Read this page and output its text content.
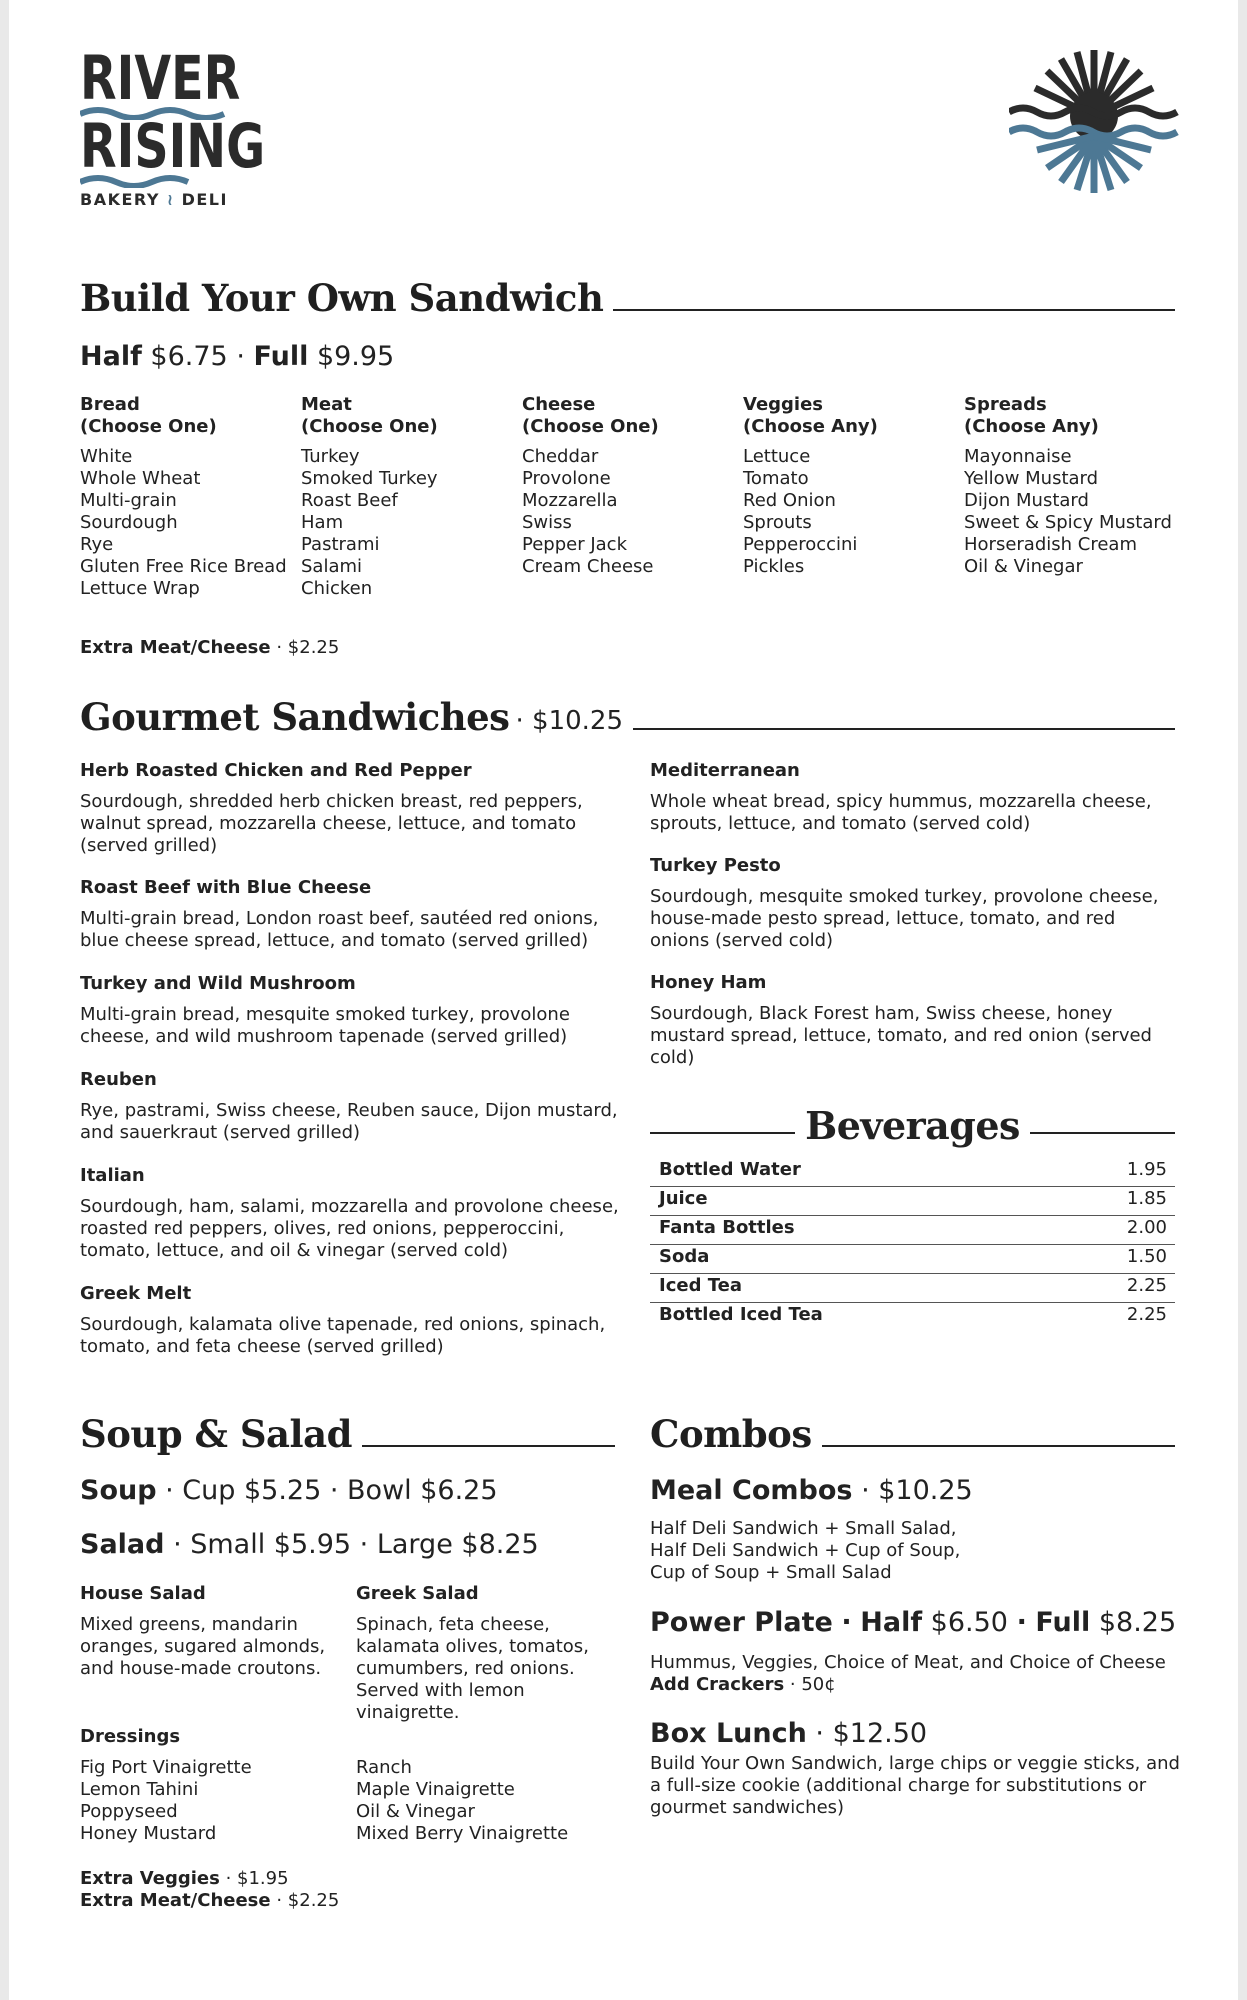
RIVER
RISING
BAKERY ≀ DELI
Build Your Own Sandwich
Half $6.75 · Full $9.95
Bread
(Choose One)
White
Whole Wheat
Multi-grain
Sourdough
Rye
Gluten Free Rice Bread
Lettuce Wrap
Meat
(Choose One)
Turkey
Smoked Turkey
Roast Beef
Ham
Pastrami
Salami
Chicken
Cheese
(Choose One)
Cheddar
Provolone
Mozzarella
Swiss
Pepper Jack
Cream Cheese
Veggies
(Choose Any)
Lettuce
Tomato
Red Onion
Sprouts
Pepperoccini
Pickles
Spreads
(Choose Any)
Mayonnaise
Yellow Mustard
Dijon Mustard
Sweet & Spicy Mustard
Horseradish Cream
Oil & Vinegar
Extra Meat/Cheese · $2.25
Gourmet Sandwiches · $10.25
Herb Roasted Chicken and Red Pepper
Sourdough, shredded herb chicken breast, red peppers, walnut spread, mozzarella cheese, lettuce, and tomato (served grilled)
Roast Beef with Blue Cheese
Multi-grain bread, London roast beef, sautéed red onions, blue cheese spread, lettuce, and tomato (served grilled)
Turkey and Wild Mushroom
Multi-grain bread, mesquite smoked turkey, provolone cheese, and wild mushroom tapenade (served grilled)
Reuben
Rye, pastrami, Swiss cheese, Reuben sauce, Dijon mustard, and sauerkraut (served grilled)
Italian
Sourdough, ham, salami, mozzarella and provolone cheese, roasted red peppers, olives, red onions, pepperoccini, tomato, lettuce, and oil & vinegar (served cold)
Greek Melt
Sourdough, kalamata olive tapenade, red onions, spinach, tomato, and feta cheese (served grilled)
Mediterranean
Whole wheat bread, spicy hummus, mozzarella cheese, sprouts, lettuce, and tomato (served cold)
Turkey Pesto
Sourdough, mesquite smoked turkey, provolone cheese, house-made pesto spread, lettuce, tomato, and red onions (served cold)
Honey Ham
Sourdough, Black Forest ham, Swiss cheese, honey mustard spread, lettuce, tomato, and red onion (served cold)
Beverages
Bottled Water	1.95
Juice	1.85
Fanta Bottles	2.00
Soda	1.50
Iced Tea	2.25
Bottled Iced Tea	2.25
Soup & Salad
Soup · Cup $5.25 · Bowl $6.25
Salad · Small $5.95 · Large $8.25
House Salad
Mixed greens, mandarin oranges, sugared almonds, and house-made croutons.
Greek Salad
Spinach, feta cheese, kalamata olives, tomatos, cumumbers, red onions. Served with lemon vinaigrette.
Dressings
Fig Port Vinaigrette
Lemon Tahini
Poppyseed
Honey Mustard
Ranch
Maple Vinaigrette
Oil & Vinegar
Mixed Berry Vinaigrette
Extra Veggies · $1.95
Extra Meat/Cheese · $2.25
Combos
Meal Combos · $10.25
Half Deli Sandwich + Small Salad,
Half Deli Sandwich + Cup of Soup,
Cup of Soup + Small Salad
Power Plate · Half $6.50 · Full $8.25
Hummus, Veggies, Choice of Meat, and Choice of Cheese
Add Crackers · 50¢
Box Lunch · $12.50
Build Your Own Sandwich, large chips or veggie sticks, and a full-size cookie (additional charge for substitutions or gourmet sandwiches)
